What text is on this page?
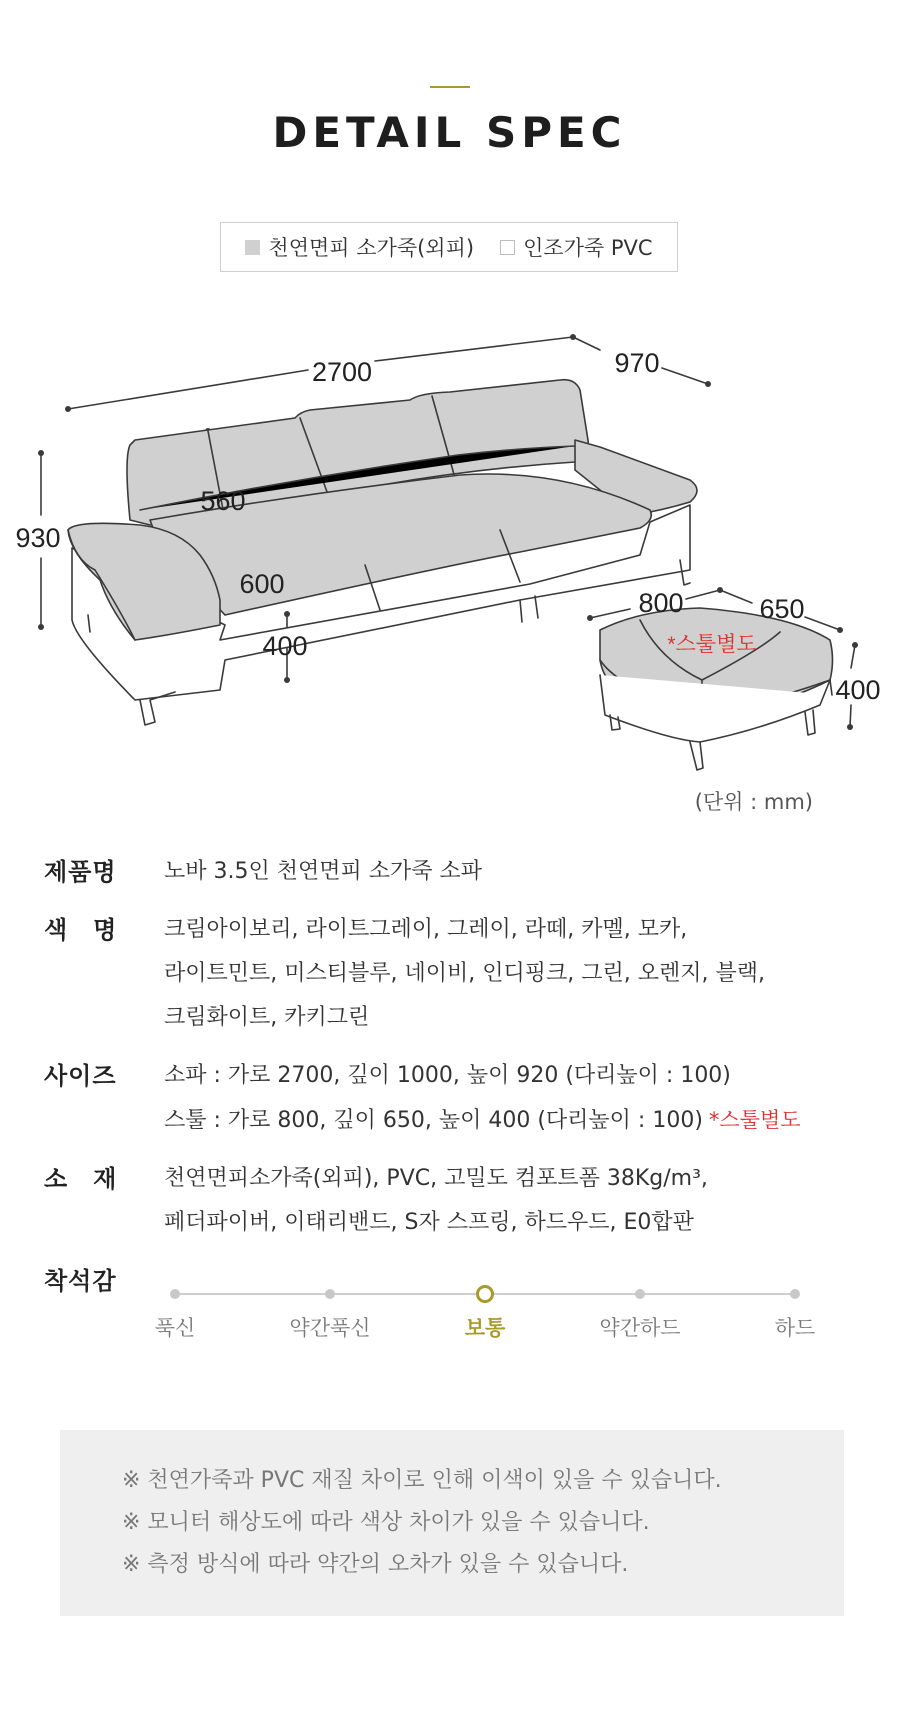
DETAIL SPEC
천연면피 소가죽(외피) 인조가죽 PVC
2700	970
930
560
600
400
800	650
400
*스툴별도
(단위 : mm)
제품명	노바 3.5인 천연면피 소가죽 소파
색　명	크림아이보리, 라이트그레이, 그레이, 라떼, 카멜, 모카,
라이트민트, 미스티블루, 네이비, 인디핑크, 그린, 오렌지, 블랙,
크림화이트, 카키그린
사이즈	소파 : 가로 2700, 깊이 1000, 높이 920 (다리높이 : 100)
스툴 : 가로 800, 깊이 650, 높이 400 (다리높이 : 100) *스툴별도
소　재	천연면피소가죽(외피), PVC, 고밀도 컴포트폼 38Kg/m³,
페더파이버, 이태리밴드, S자 스프링, 하드우드, E0합판
착석감
푹신	약간푹신	보통	약간하드	하드
※ 천연가죽과 PVC 재질 차이로 인해 이색이 있을 수 있습니다.
※ 모니터 해상도에 따라 색상 차이가 있을 수 있습니다.
※ 측정 방식에 따라 약간의 오차가 있을 수 있습니다.
